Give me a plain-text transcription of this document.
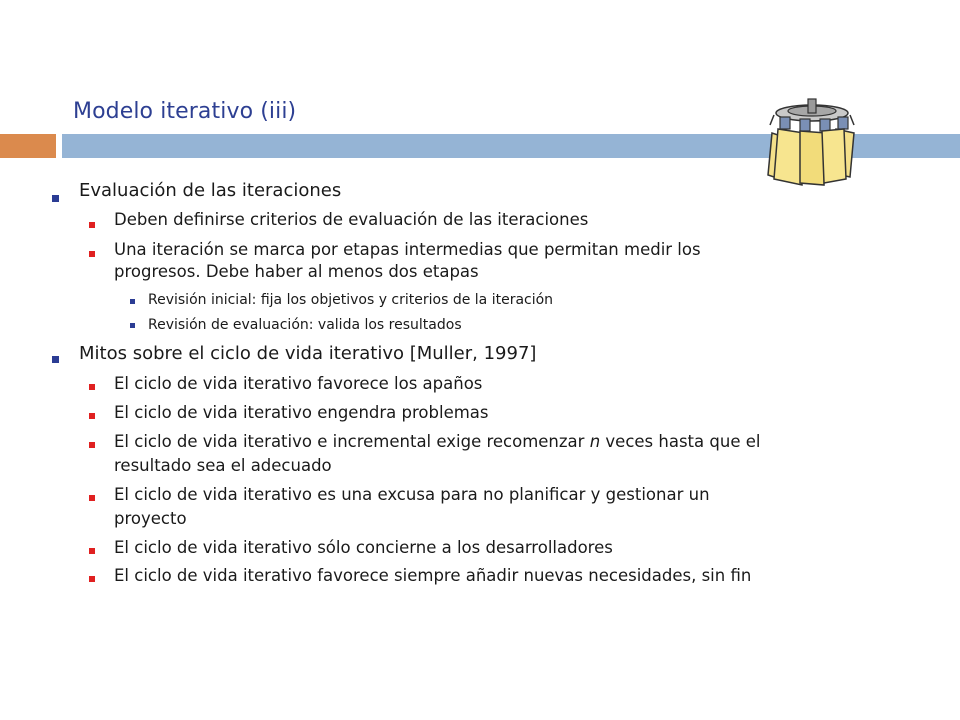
Modelo iterativo (iii)
Evaluación de las iteraciones
Deben definirse criterios de evaluación de las iteraciones
Una iteración se marca por etapas intermedias que permitan medir los
progresos. Debe haber al menos dos etapas
Revisión inicial: fija los objetivos y criterios de la iteración
Revisión de evaluación: valida los resultados
Mitos sobre el ciclo de vida iterativo [Muller, 1997]
El ciclo de vida iterativo favorece los apaños
El ciclo de vida iterativo engendra problemas
El ciclo de vida iterativo e incremental exige recomenzar n veces hasta que el
resultado sea el adecuado
El ciclo de vida iterativo es una excusa para no planificar y gestionar un
proyecto
El ciclo de vida iterativo sólo concierne a los desarrolladores
El ciclo de vida iterativo favorece siempre añadir nuevas necesidades, sin fin
